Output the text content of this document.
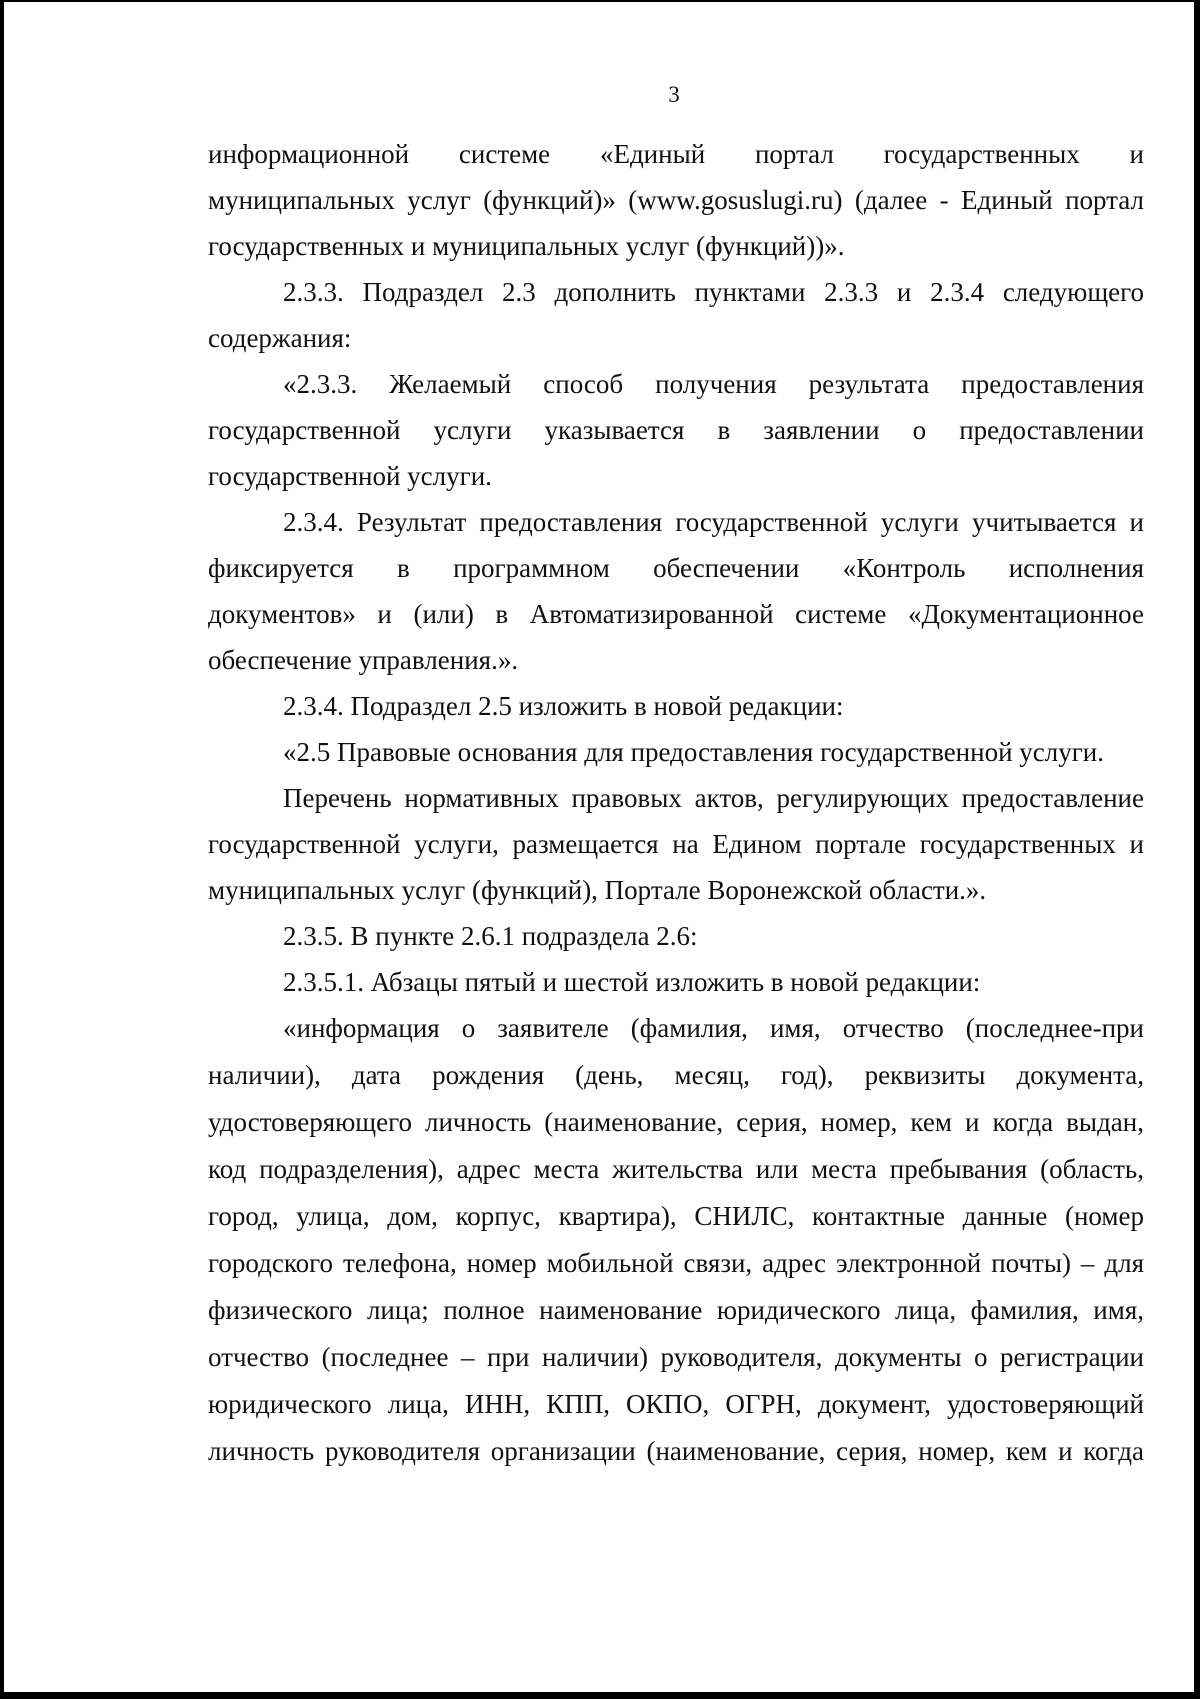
3
информационной системе «Единый портал государственных и
муниципальных услуг (функций)» (www.gosuslugi.ru) (далее - Единый портал
государственных и муниципальных услуг (функций))».
2.3.3. Подраздел 2.3 дополнить пунктами 2.3.3 и 2.3.4 следующего
содержания:
«2.3.3. Желаемый способ получения результата предоставления
государственной услуги указывается в заявлении о предоставлении
государственной услуги.
2.3.4. Результат предоставления государственной услуги учитывается и
фиксируется в программном обеспечении «Контроль исполнения
документов» и (или) в Автоматизированной системе «Документационное
обеспечение управления.».
2.3.4. Подраздел 2.5 изложить в новой редакции:
«2.5 Правовые основания для предоставления государственной услуги.
Перечень нормативных правовых актов, регулирующих предоставление
государственной услуги, размещается на Едином портале государственных и
муниципальных услуг (функций), Портале Воронежской области.».
2.3.5. В пункте 2.6.1 подраздела 2.6:
2.3.5.1. Абзацы пятый и шестой изложить в новой редакции:
«информация о заявителе (фамилия, имя, отчество (последнее-при
наличии), дата рождения (день, месяц, год), реквизиты документа,
удостоверяющего личность (наименование, серия, номер, кем и когда выдан,
код подразделения), адрес места жительства или места пребывания (область,
город, улица, дом, корпус, квартира), СНИЛС, контактные данные (номер
городского телефона, номер мобильной связи, адрес электронной почты) – для
физического лица; полное наименование юридического лица, фамилия, имя,
отчество (последнее – при наличии) руководителя, документы о регистрации
юридического лица, ИНН, КПП, ОКПО, ОГРН, документ, удостоверяющий
личность руководителя организации (наименование, серия, номер, кем и когда
